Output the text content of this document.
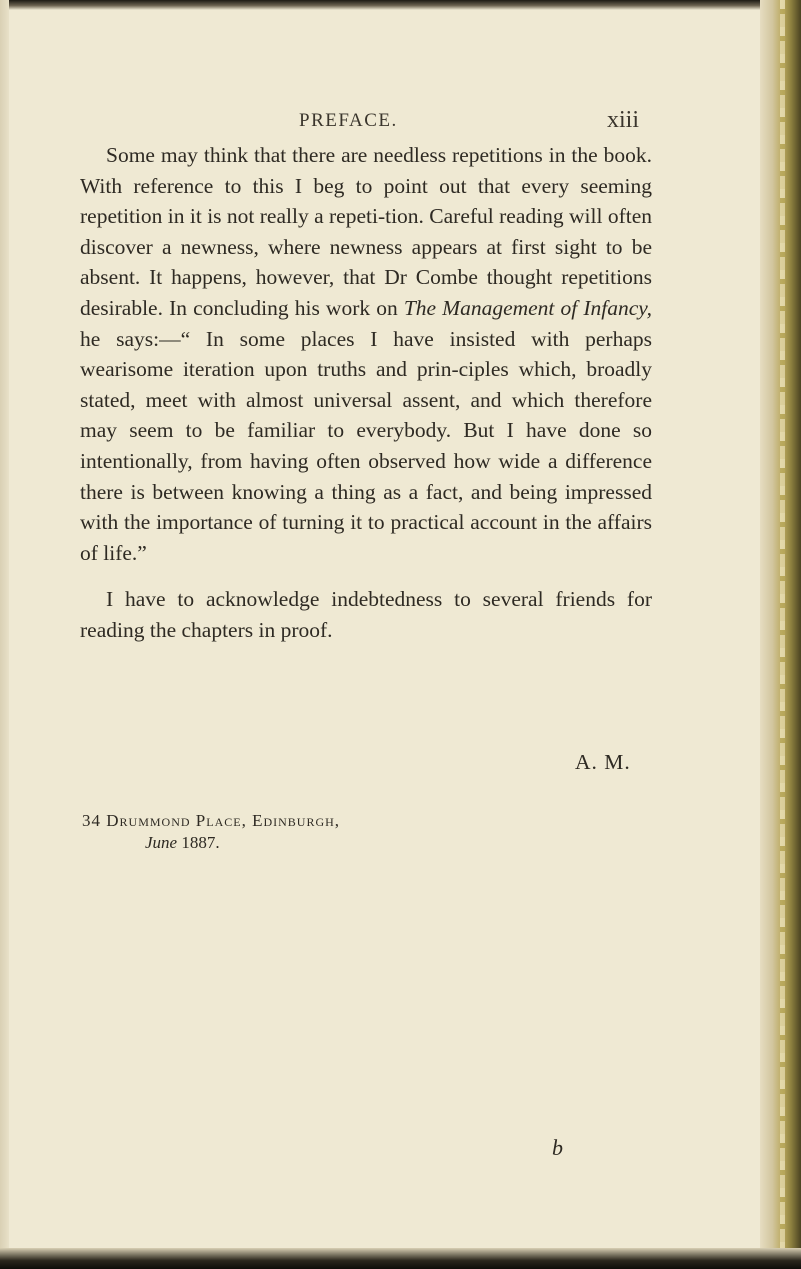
PREFACE.	xiii

Some may think that there are needless repetitions in the book. With reference to this I beg to point out that every seeming repetition in it is not really a repeti-tion. Careful reading will often discover a newness, where newness appears at first sight to be absent. It happens, however, that Dr Combe thought repetitions desirable. In concluding his work on The Management of Infancy, he says:—“ In some places I have insisted with perhaps wearisome iteration upon truths and prin-ciples which, broadly stated, meet with almost universal assent, and which therefore may seem to be familiar to everybody. But I have done so intentionally, from having often observed how wide a difference there is between knowing a thing as a fact, and being impressed with the importance of turning it to practical account in the affairs of life.”

I have to acknowledge indebtedness to several friends for reading the chapters in proof.

A. M.
34 Drummond Place, Edinburgh,
June 1887.
b
